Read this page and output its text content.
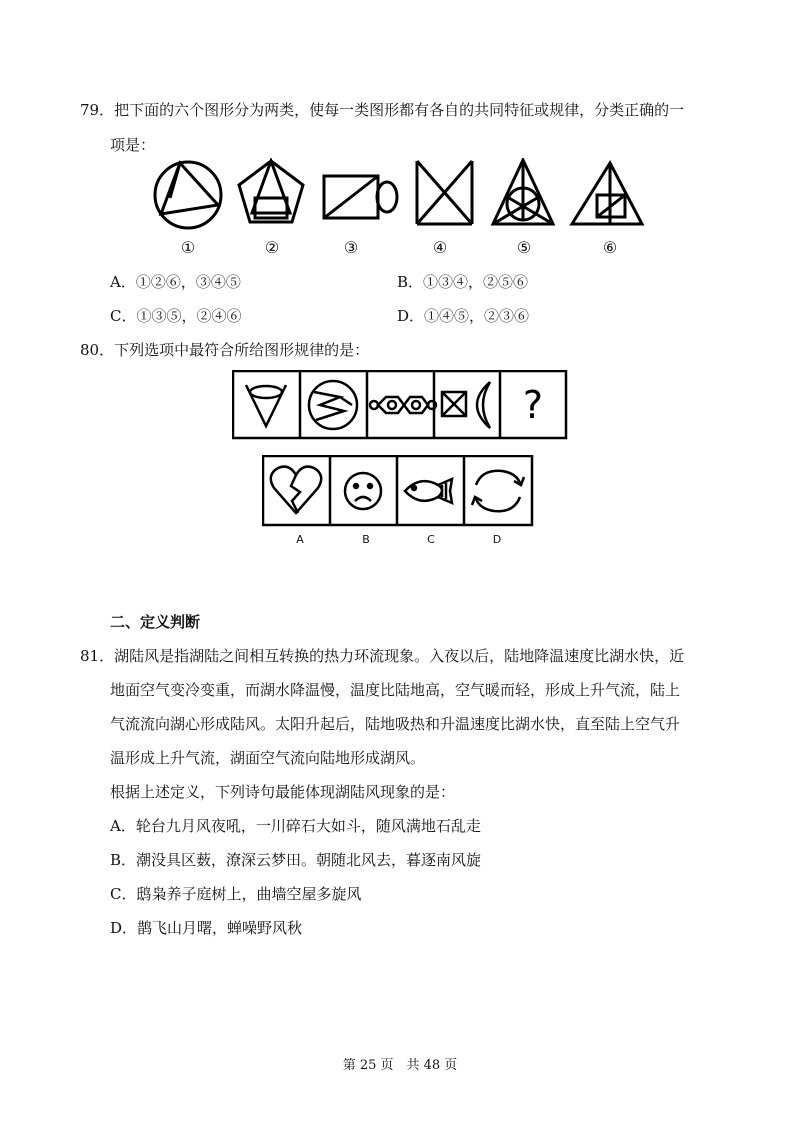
79．把下面的六个图形分为两类，使每一类图形都有各自的共同特征或规律，分类正确的一
项是：
①	②	③	④	⑤	⑥
A．①②⑥，③④⑤	B．①③④，②⑤⑥
C．①③⑤，②④⑥	D．①④⑤，②③⑥
80．下列选项中最符合所给图形规律的是：
?
A	B	C	D
二、定义判断
81．湖陆风是指湖陆之间相互转换的热力环流现象。入夜以后，陆地降温速度比湖水快，近
地面空气变冷变重，而湖水降温慢，温度比陆地高，空气暖而轻，形成上升气流，陆上
气流流向湖心形成陆风。太阳升起后，陆地吸热和升温速度比湖水快，直至陆上空气升
温形成上升气流，湖面空气流向陆地形成湖风。
根据上述定义，下列诗句最能体现湖陆风现象的是：
A．轮台九月风夜吼，一川碎石大如斗，随风满地石乱走
B．潮没具区薮，潦深云梦田。朝随北风去，暮逐南风旋
C．鸱枭养子庭树上，曲墙空屋多旋风
D．鹊飞山月曙，蝉噪野风秋
第 25 页　共 48 页
